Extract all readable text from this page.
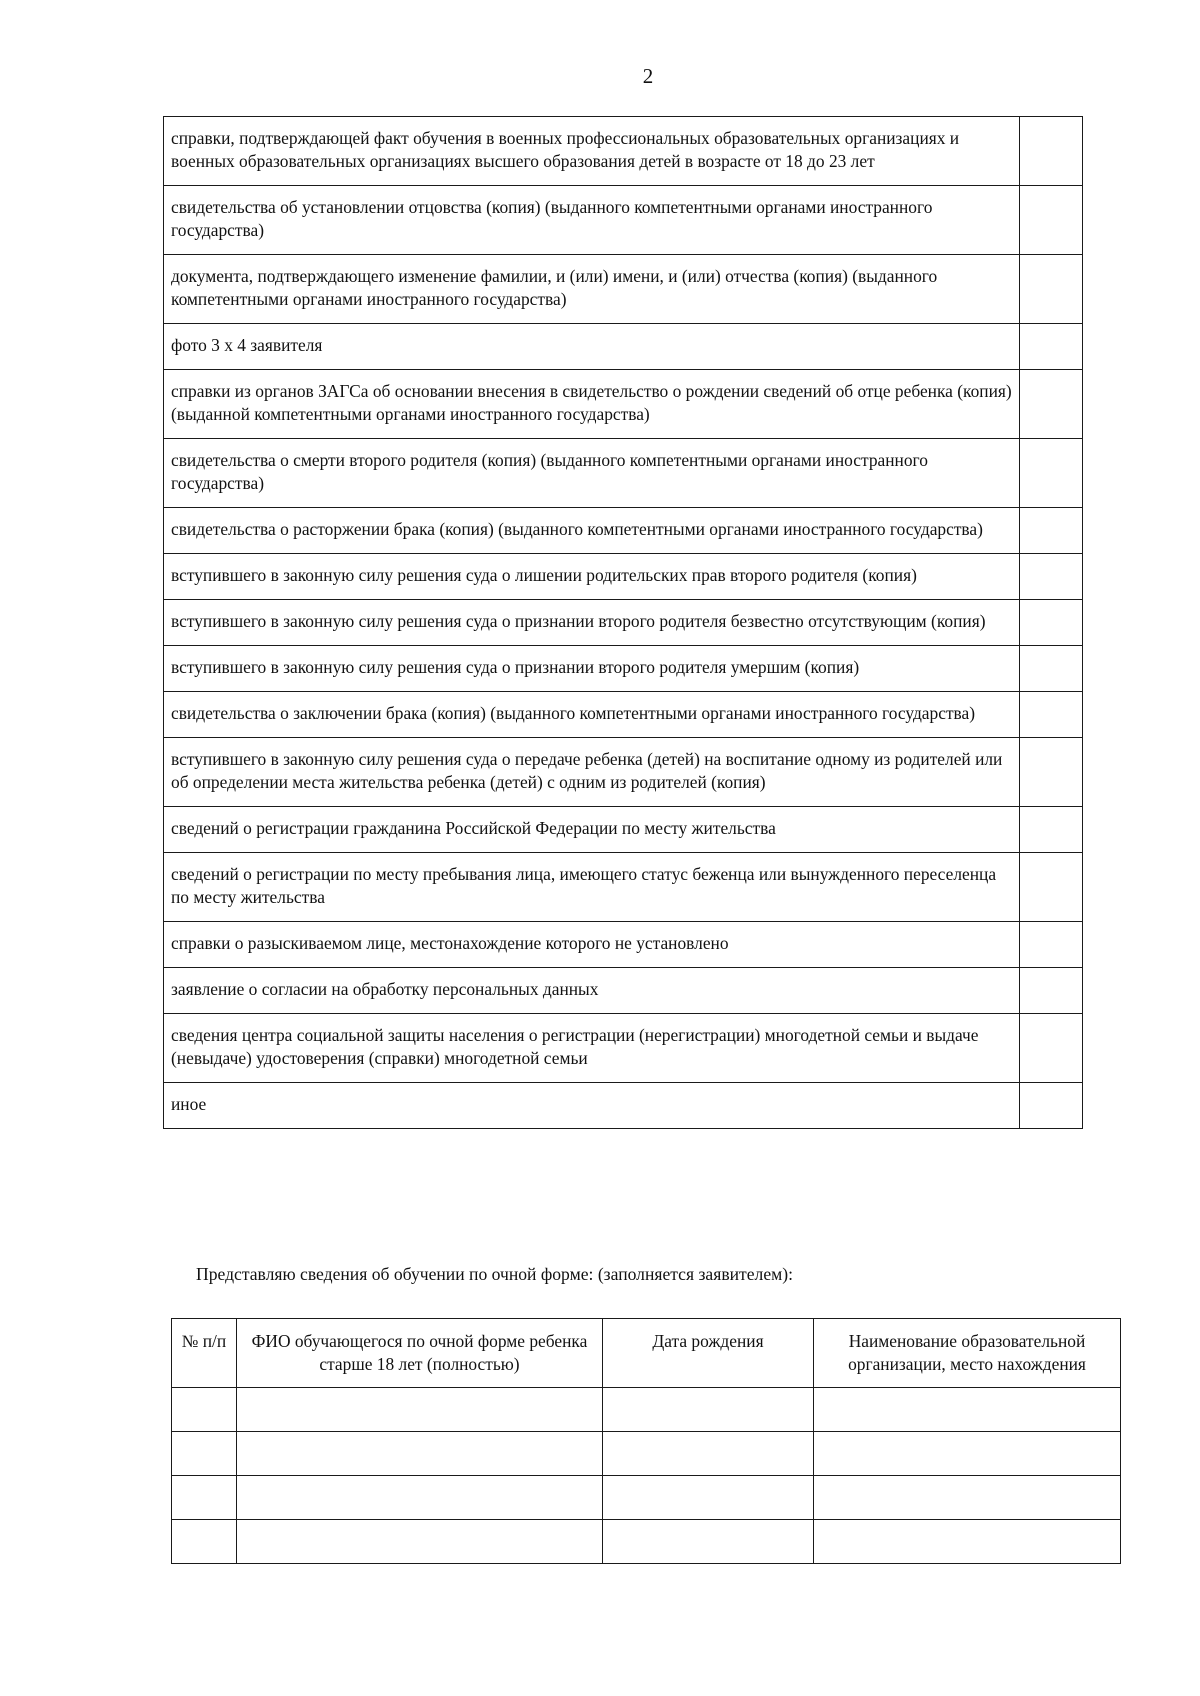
2
справки, подтверждающей факт обучения в военных профессиональных образовательных организациях и военных образовательных организациях высшего образования детей в возрасте от 18 до 23 лет	
свидетельства об установлении отцовства (копия) (выданного компетентными органами иностранного государства)	
документа, подтверждающего изменение фамилии, и (или) имени, и (или) отчества (копия) (выданного компетентными органами иностранного государства)	
фото 3 х 4 заявителя	
справки из органов ЗАГСа об основании внесения в свидетельство о рождении сведений об отце ребенка (копия) (выданной компетентными органами иностранного государства)	
свидетельства о смерти второго родителя (копия) (выданного компетентными органами иностранного государства)	
свидетельства о расторжении брака (копия) (выданного компетентными органами иностранного государства)	
вступившего в законную силу решения суда о лишении родительских прав второго родителя (копия)	
вступившего в законную силу решения суда о признании второго родителя безвестно отсутствующим (копия)	
вступившего в законную силу решения суда о признании второго родителя умершим (копия)	
свидетельства о заключении брака (копия) (выданного компетентными органами иностранного государства)	
вступившего в законную силу решения суда о передаче ребенка (детей) на воспитание одному из родителей или об определении места жительства ребенка (детей) с одним из родителей (копия)	
сведений о регистрации гражданина Российской Федерации по месту жительства	
сведений о регистрации по месту пребывания лица, имеющего статус беженца или вынужденного переселенца по месту жительства	
справки о разыскиваемом лице, местонахождение которого не установлено	
заявление о согласии на обработку персональных данных	
сведения центра социальной защиты населения о регистрации (нерегистрации) многодетной семьи и выдаче (невыдаче) удостоверения (справки) многодетной семьи	
иное	
Представляю сведения об обучении по очной форме: (заполняется заявителем):
№ п/п	ФИО обучающегося по очной форме ребенка старше 18 лет (полностью)	Дата рождения	Наименование образовательной организации, место нахождения
